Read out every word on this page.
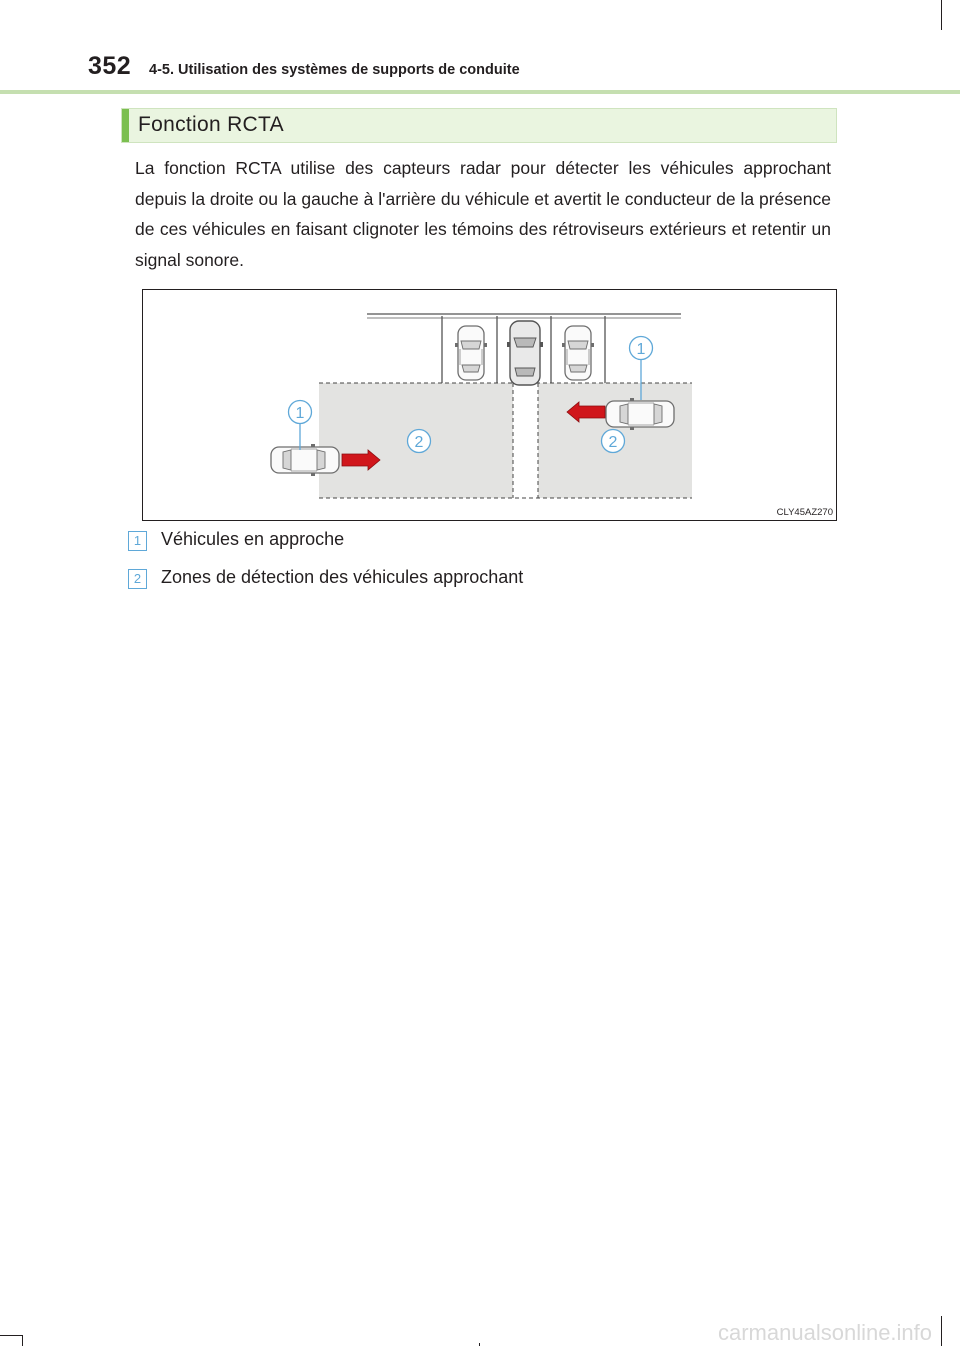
352 4-5. Utilisation des systèmes de supports de conduite
Fonction RCTA
La fonction RCTA utilise des capteurs radar pour détecter les véhicules approchant depuis la droite ou la gauche à l'arrière du véhicule et avertit le conducteur de la présence de ces véhicules en faisant clignoter les témoins des rétroviseurs extérieurs et retentir un signal sonore.
1
1
2	2
CLY45AZ270
1	Véhicules en approche
2	Zones de détection des véhicules approchant
carmanualsonline.info
